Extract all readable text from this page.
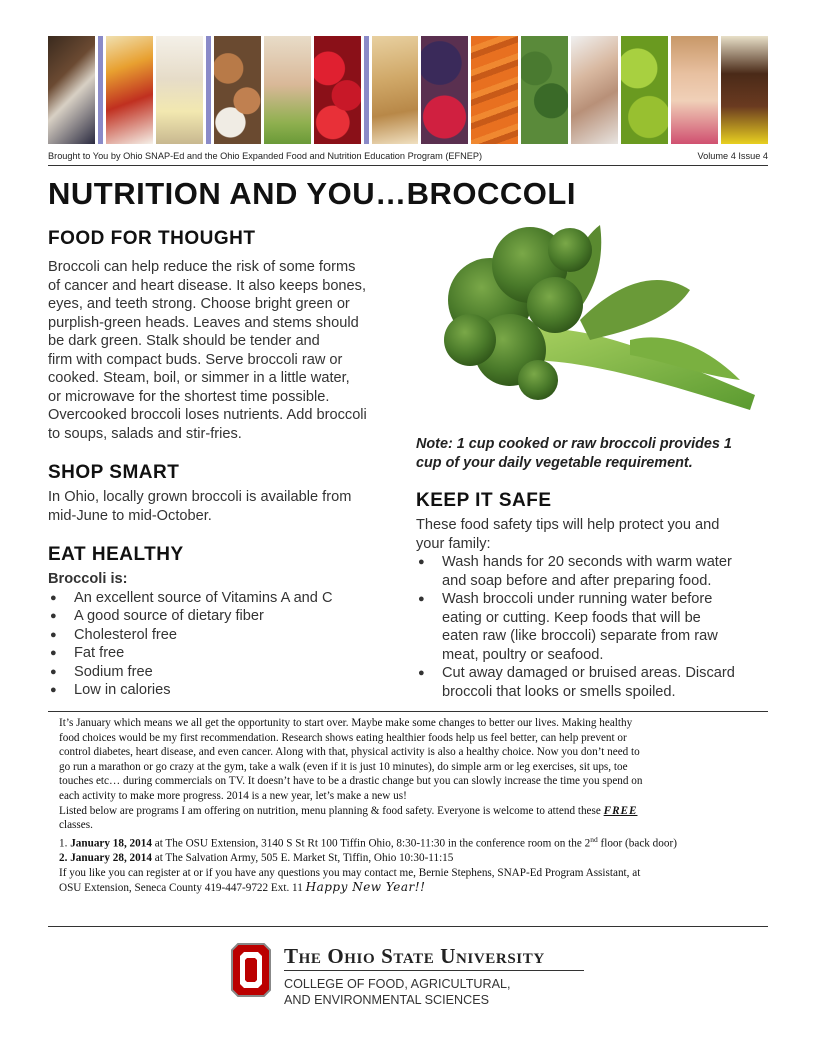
Brought to You by Ohio SNAP-Ed and the Ohio Expanded Food and Nutrition Education Program (EFNEP)	Volume 4 Issue 4
NUTRITION AND YOU…BROCCOLI
FOOD FOR THOUGHT
Broccoli can help reduce the risk of some forms
of cancer and heart disease. It also keeps bones,
eyes, and teeth strong. Choose bright green or
purplish-green heads. Leaves and stems should
be dark green. Stalk should be tender and
firm with compact buds. Serve broccoli raw or
cooked. Steam, boil, or simmer in a little water,
or microwave for the shortest time possible.
Overcooked broccoli loses nutrients. Add broccoli
to soups, salads and stir-fries.
SHOP SMART
In Ohio, locally grown broccoli is available from
mid-June to mid-October.
EAT HEALTHY
Broccoli is:
● An excellent source of Vitamins A and C
● A good source of dietary fiber
● Cholesterol free
● Fat free
● Sodium free
● Low in calories
Note: 1 cup cooked or raw broccoli provides 1
cup of your daily vegetable requirement.
KEEP IT SAFE
These food safety tips will help protect you and
your family:
● Wash hands for 20 seconds with warm water
and soap before and after preparing food.
● Wash broccoli under running water before
eating or cutting. Keep foods that will be
eaten raw (like broccoli) separate from raw
meat, poultry or seafood.
● Cut away damaged or bruised areas. Discard
broccoli that looks or smells spoiled.

It’s January which means we all get the opportunity to start over. Maybe make some changes to better our lives. Making healthy

food choices would be my first recommendation. Research shows eating healthier foods help us feel better, can help prevent or

control diabetes, heart disease, and even cancer. Along with that, physical activity is also a healthy choice. Now you don’t need to

go run a marathon or go crazy at the gym, take a walk (even if it is just 10 minutes), do simple arm or leg exercises, sit ups, toe

touches etc… during commercials on TV. It doesn’t have to be a drastic change but you can slowly increase the time you spend on

each activity to make more progress. 2014 is a new year, let’s make a new us!

Listed below are programs I am offering on nutrition, menu planning & food safety. Everyone is welcome to attend these FREE

classes.

1. January 18, 2014 at The OSU Extension, 3140 S St Rt 100 Tiffin Ohio, 8:30-11:30 in the conference room on the 2nd floor (back door)

2. January 28, 2014 at The Salvation Army, 505 E. Market St, Tiffin, Ohio 10:30-11:15

If you like you can register at or if you have any questions you may contact me, Bernie Stephens, SNAP-Ed Program Assistant, at

OSU Extension, Seneca County 419-447-9722 Ext. 11 Happy New Year!!

The Ohio State University
COLLEGE OF FOOD, AGRICULTURAL,
AND ENVIRONMENTAL SCIENCES
